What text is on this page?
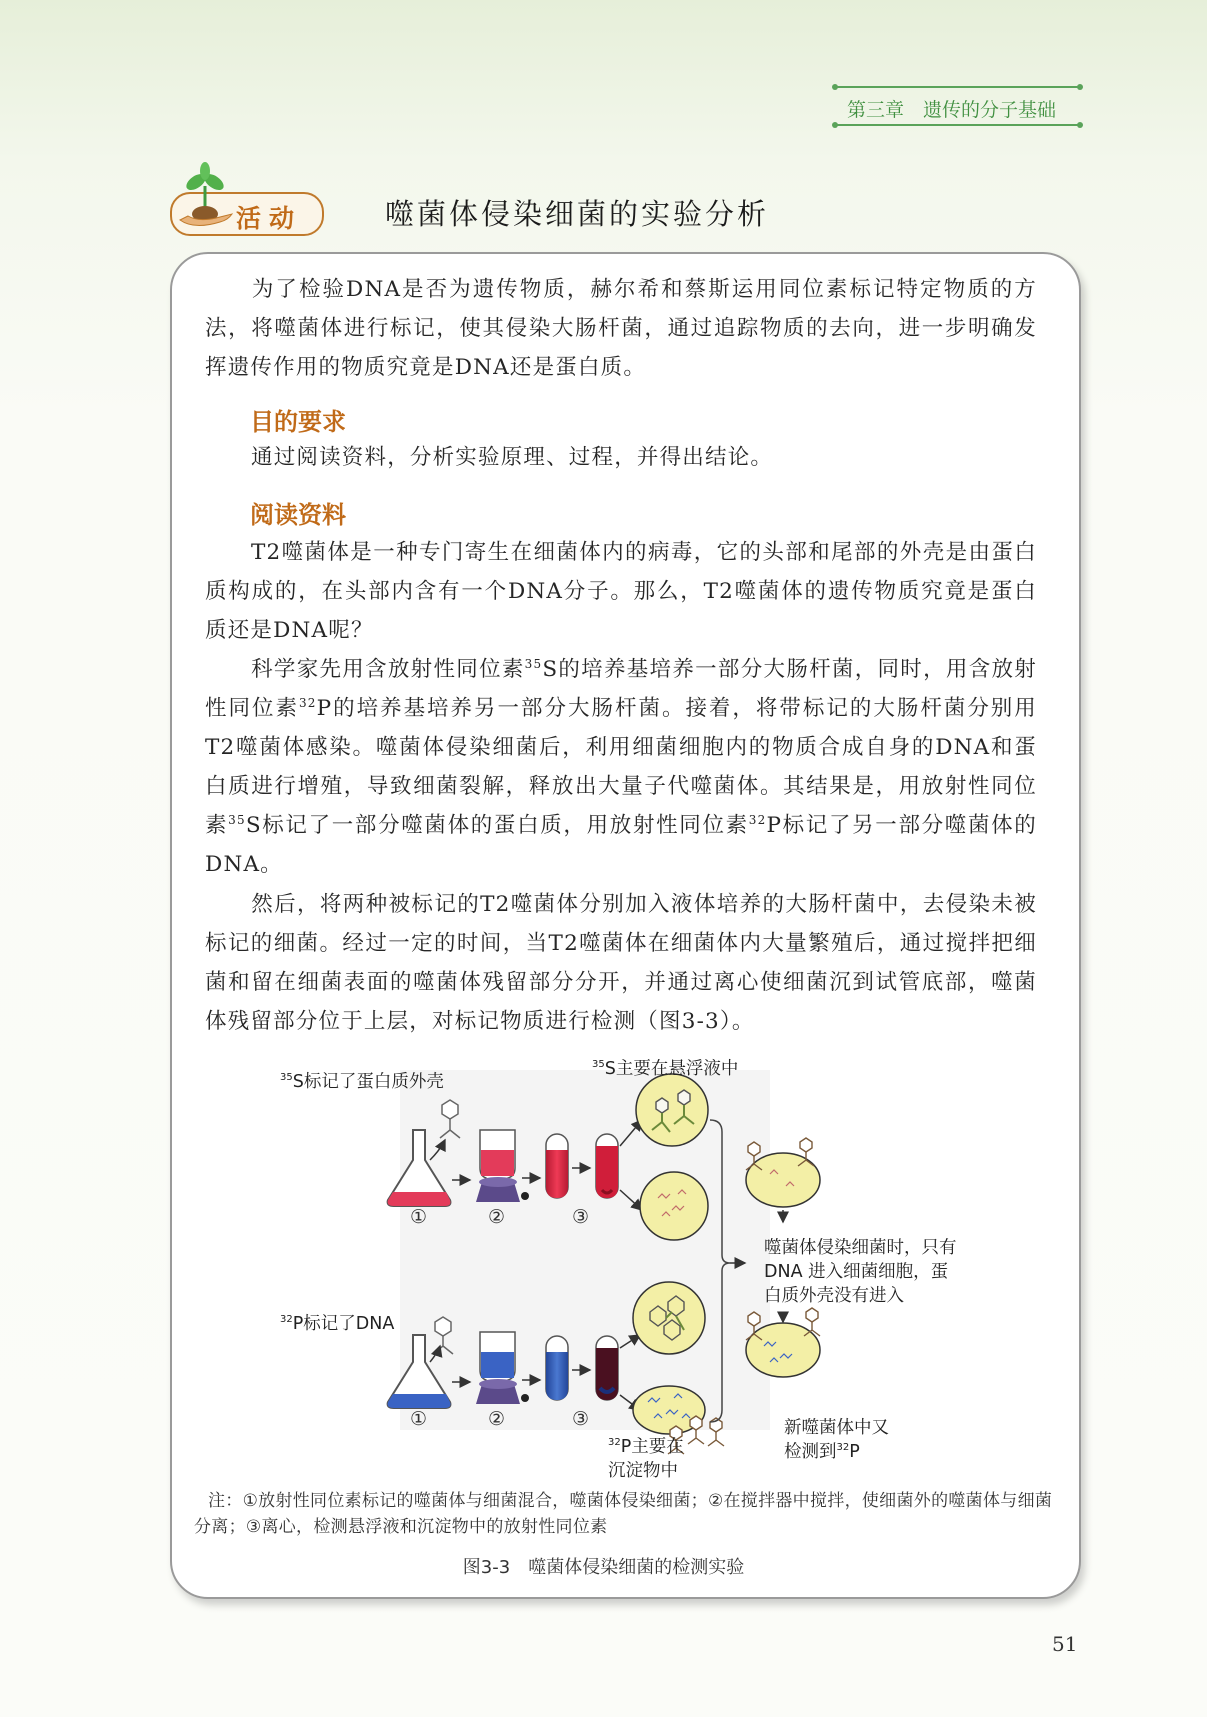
第三章　遗传的分子基础
活动	噬菌体侵染细菌的实验分析

为了检验DNA是否为遗传物质，赫尔希和蔡斯运用同位素标记特定物质的方法，将噬菌体进行标记，使其侵染大肠杆菌，通过追踪物质的去向，进一步明确发挥遗传作用的物质究竟是DNA还是蛋白质。

目的要求

通过阅读资料，分析实验原理、过程，并得出结论。

阅读资料

T2噬菌体是一种专门寄生在细菌体内的病毒，它的头部和尾部的外壳是由蛋白质构成的，在头部内含有一个DNA分子。那么，T2噬菌体的遗传物质究竟是蛋白质还是DNA呢？

科学家先用含放射性同位素$^{35}$S的培养基培养一部分大肠杆菌，同时，用含放射性同位素$^{32}$P的培养基培养另一部分大肠杆菌。接着，将带标记的大肠杆菌分别用T2噬菌体感染。噬菌体侵染细菌后，利用细菌细胞内的物质合成自身的DNA和蛋白质进行增殖，导致细菌裂解，释放出大量子代噬菌体。其结果是，用放射性同位素$^{35}$S标记了一部分噬菌体的蛋白质，用放射性同位素$^{32}$P标记了另一部分噬菌体的DNA。

然后，将两种被标记的T2噬菌体分别加入液体培养的大肠杆菌中，去侵染未被标记的细菌。经过一定的时间，当T2噬菌体在细菌体内大量繁殖后，通过搅拌把细菌和留在细菌表面的噬菌体残留部分分开，并通过离心使细菌沉到试管底部，噬菌体残留部分位于上层，对标记物质进行检测（图3-3）。

$^{35}$S标记了蛋白质外壳
$^{35}$S主要在悬浮液中
$^{32}$P标记了DNA
$^{32}$P主要在
沉淀物中
噬菌体侵染细菌时，只有
DNA 进入细菌细胞，蛋
白质外壳没有进入
新噬菌体中又
检测到$^{32}$P
①	②	③
①	②	③
注：①放射性同位素标记的噬菌体与细菌混合，噬菌体侵染细菌；②在搅拌器中搅拌，使细菌外的噬菌体与细菌分离；③离心，检测悬浮液和沉淀物中的放射性同位素
图3-3　噬菌体侵染细菌的检测实验
51
